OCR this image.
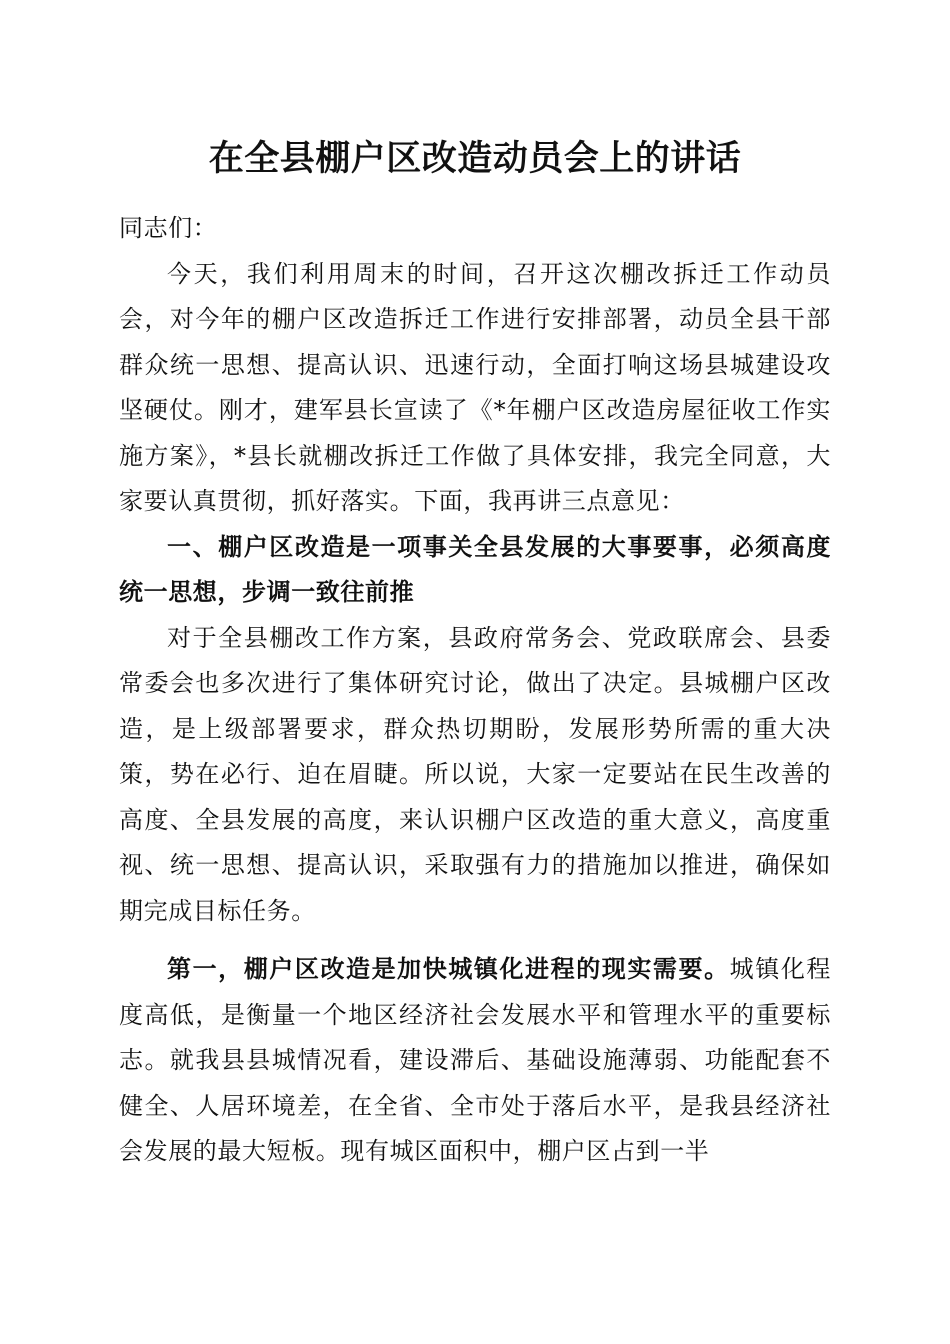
在全县棚户区改造动员会上的讲话

同志们：

今天，我们利用周末的时间，召开这次棚改拆迁工作动员会，对今年的棚户区改造拆迁工作进行安排部署，动员全县干部群众统一思想、提高认识、迅速行动，全面打响这场县城建设攻坚硬仗。刚才，建军县长宣读了《*年棚户区改造房屋征收工作实施方案》，*县长就棚改拆迁工作做了具体安排，我完全同意，大家要认真贯彻，抓好落实。下面，我再讲三点意见：

一、棚户区改造是一项事关全县发展的大事要事，必须高度统一思想，步调一致往前推

对于全县棚改工作方案，县政府常务会、党政联席会、县委常委会也多次进行了集体研究讨论，做出了决定。县城棚户区改造，是上级部署要求，群众热切期盼，发展形势所需的重大决策，势在必行、迫在眉睫。所以说，大家一定要站在民生改善的高度、全县发展的高度，来认识棚户区改造的重大意义，高度重视、统一思想、提高认识，采取强有力的措施加以推进，确保如期完成目标任务。

第一，棚户区改造是加快城镇化进程的现实需要。城镇化程度高低，是衡量一个地区经济社会发展水平和管理水平的重要标志。就我县县城情况看，建设滞后、基础设施薄弱、功能配套不健全、人居环境差，在全省、全市处于落后水平，是我县经济社会发展的最大短板。现有城区面积中，棚户区占到一半
